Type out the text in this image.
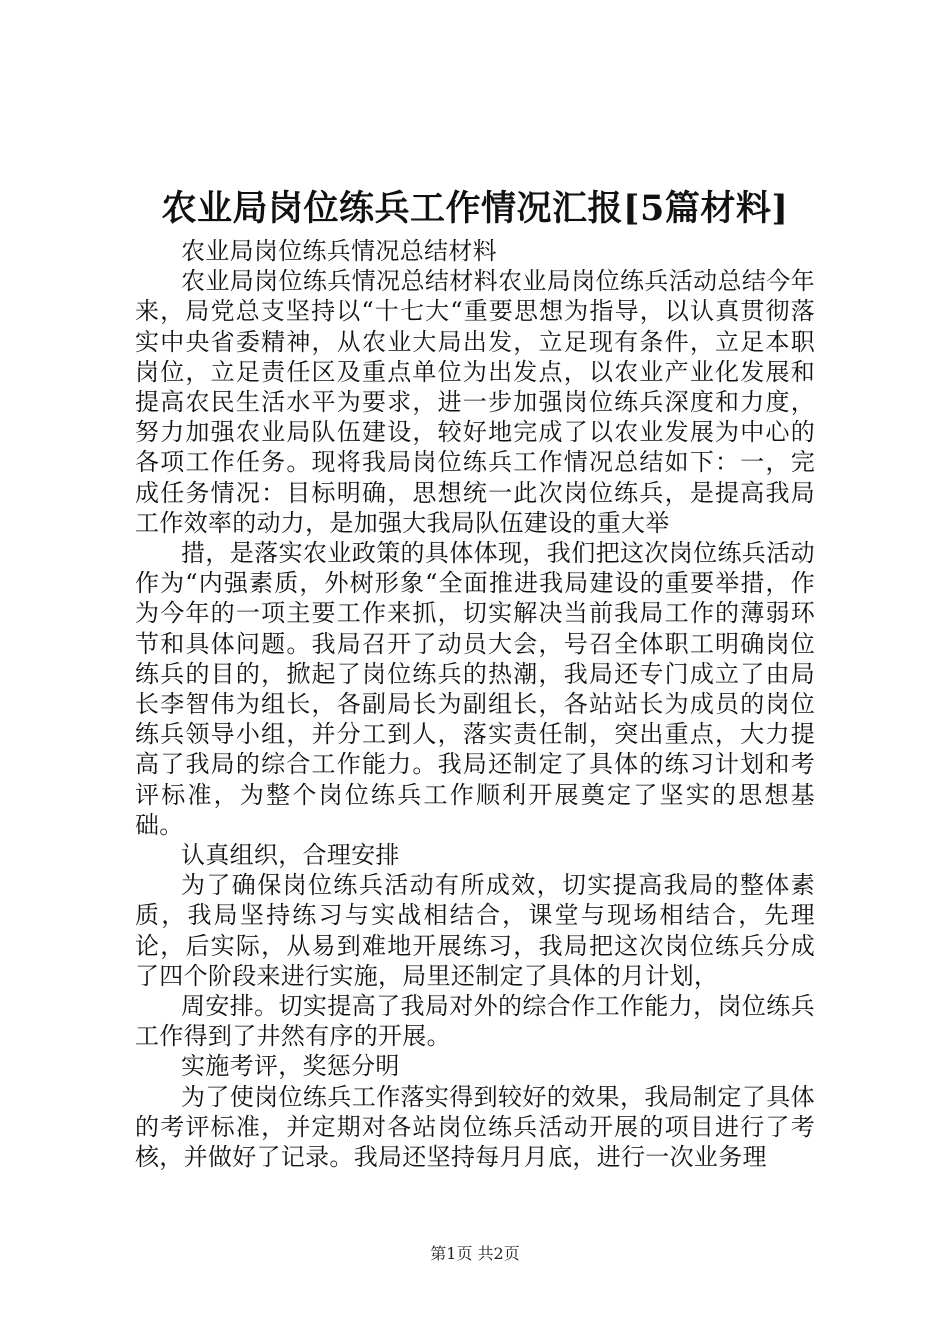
农业局岗位练兵工作情况汇报[5篇材料]

农业局岗位练兵情况总结材料

农业局岗位练兵情况总结材料农业局岗位练兵活动总结今年来，局党总支坚持以“十七大“重要思想为指导，以认真贯彻落实中央省委精神，从农业大局出发，立足现有条件，立足本职岗位，立足责任区及重点单位为出发点，以农业产业化发展和提高农民生活水平为要求，进一步加强岗位练兵深度和力度，努力加强农业局队伍建设，较好地完成了以农业发展为中心的各项工作任务。现将我局岗位练兵工作情况总结如下：一，完成任务情况：目标明确，思想统一此次岗位练兵，是提高我局工作效率的动力，是加强大我局队伍建设的重大举

措，是落实农业政策的具体体现，我们把这次岗位练兵活动作为“内强素质，外树形象“全面推进我局建设的重要举措，作为今年的一项主要工作来抓，切实解决当前我局工作的薄弱环节和具体问题。我局召开了动员大会，号召全体职工明确岗位练兵的目的，掀起了岗位练兵的热潮，我局还专门成立了由局长李智伟为组长，各副局长为副组长，各站站长为成员的岗位练兵领导小组，并分工到人，落实责任制，突出重点，大力提高了我局的综合工作能力。我局还制定了具体的练习计划和考评标准，为整个岗位练兵工作顺利开展奠定了坚实的思想基础。

认真组织，合理安排

为了确保岗位练兵活动有所成效，切实提高我局的整体素质，我局坚持练习与实战相结合，课堂与现场相结合，先理论，后实际，从易到难地开展练习，我局把这次岗位练兵分成了四个阶段来进行实施，局里还制定了具体的月计划，

周安排。切实提高了我局对外的综合作工作能力，岗位练兵工作得到了井然有序的开展。

实施考评，奖惩分明

为了使岗位练兵工作落实得到较好的效果，我局制定了具体的考评标准，并定期对各站岗位练兵活动开展的项目进行了考核，并做好了记录。我局还坚持每月月底，进行一次业务理

第1页 共2页
